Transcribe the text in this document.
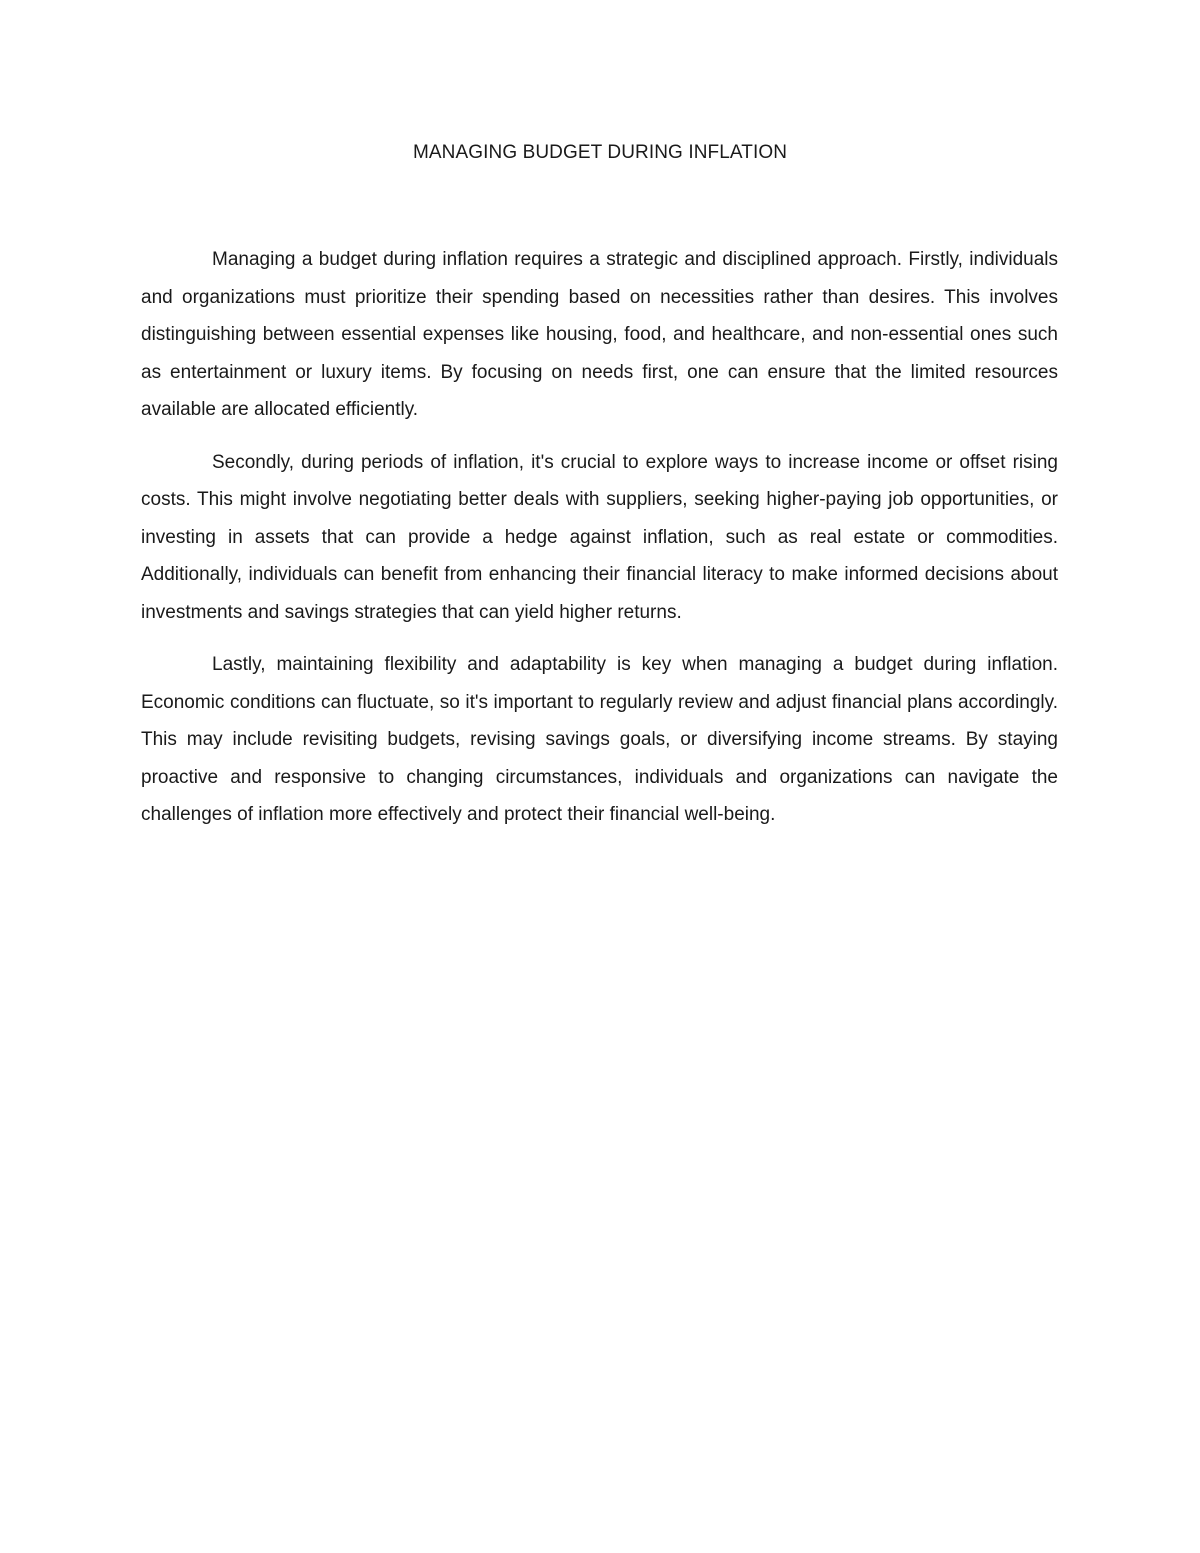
MANAGING BUDGET DURING INFLATION

Managing a budget during inflation requires a strategic and disciplined approach. Firstly, individuals and organizations must prioritize their spending based on necessities rather than desires. This involves distinguishing between essential expenses like housing, food, and healthcare, and non-essential ones such as entertainment or luxury items. By focusing on needs first, one can ensure that the limited resources available are allocated efficiently.

Secondly, during periods of inflation, it's crucial to explore ways to increase income or offset rising costs. This might involve negotiating better deals with suppliers, seeking higher-paying job opportunities, or investing in assets that can provide a hedge against inflation, such as real estate or commodities. Additionally, individuals can benefit from enhancing their financial literacy to make informed decisions about investments and savings strategies that can yield higher returns.

Lastly, maintaining flexibility and adaptability is key when managing a budget during inflation. Economic conditions can fluctuate, so it's important to regularly review and adjust financial plans accordingly. This may include revisiting budgets, revising savings goals, or diversifying income streams. By staying proactive and responsive to changing circumstances, individuals and organizations can navigate the challenges of inflation more effectively and protect their financial well-being.
